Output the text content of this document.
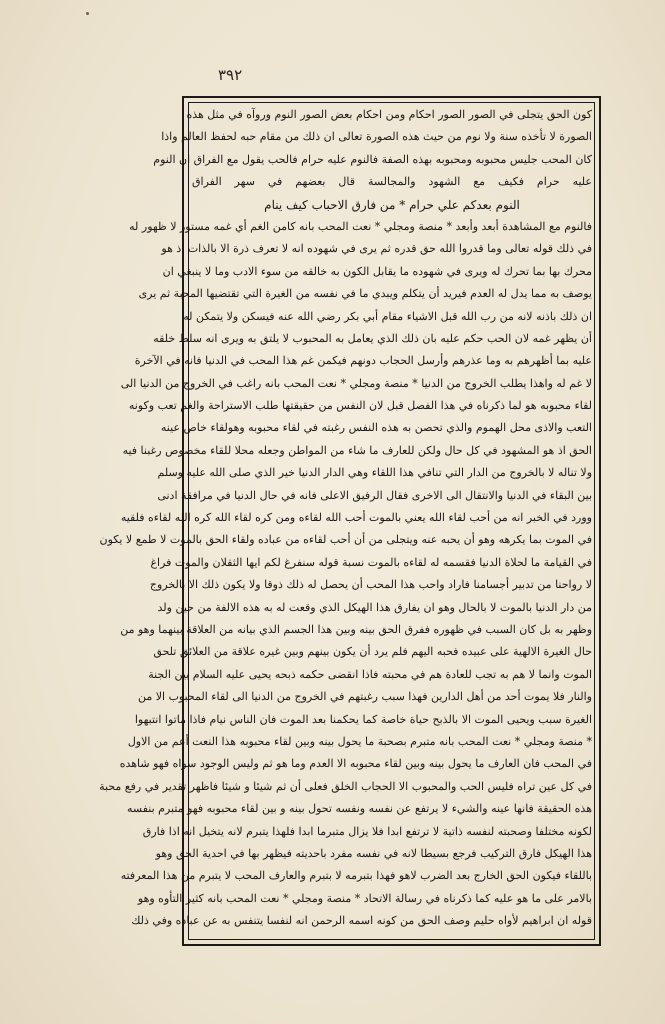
٣٩٢
كون الحق يتجلى في الصور الصور احكام ومن احكام بعض الصور النوم وروآه في مثل هذه
الصورة لا تأخذه سنة ولا نوم من حيث هذه الصورة تعالى ان ذلك من مقام حبه لحفظ العالم واذا
كان المحب جليس محبوبه ومحبوبه بهذه الصفة فالنوم عليه حرام فالحب يقول مع الفراق ان النوم
عليه حرام فكيف مع الشهود والمجالسة قال بعضهم في سهر الفراق
النوم بعدكم علي حرام * من فارق الاحباب كيف ينام
فالنوم مع المشاهدة أبعد وأبعد * منصة ومجلي * نعت المحب بانه كامن الغم أي غمه مستور لا ظهور له
في ذلك قوله تعالى وما قدروا الله حق قدره ثم يرى في شهوده انه لا تعرف ذرة الا بالذات اذ هو
محرك بها بما تحرك له ويرى في شهوده ما يقابل الكون به خالقه من سوء الادب وما لا ينبغي ان
يوصف به مما يدل له العدم فيريد أن يتكلم ويبدي ما في نفسه من الغيرة التي تقتضيها المحبة ثم يرى
ان ذلك باذنه لانه من رب الله قبل الاشياء مقام أبي بكر رضي الله عنه فيسكن ولا يتمكن له
أن يظهر غمه لان الحب حكم عليه بان ذلك الذي يعامل به المحبوب لا يلتق به ويرى انه سلط خلقه
عليه بما أظهرهم به وما عذرهم وأرسل الحجاب دونهم فيكمن غم هذا المحب في الدنيا فانه في الآخرة
لا غم له واهذا يطلب الخروج من الدنيا * منصة ومجلي * نعت المحب بانه راغب في الخروج من الدنيا الى
لقاء محبوبه هو لما ذكرناه في هذا الفصل قبل لان النفس من حقيقتها طلب الاستراحة والغم تعب وكونه
التعب والاذى محل الهموم والذي تحصن به هذه النفس رغبته في لقاء محبوبه وهولقاء خاص عينه
الحق اذ هو المشهود في كل حال ولكن للعارف ما شاء من المواطن وجعله محلا للقاء مخصوص رغبنا فيه
ولا تناله لا بالخروج من الدار التي تنافي هذا اللقاء وهي الدار الدنيا خير الذي صلى الله عليه وسلم
بين البقاء في الدنيا والانتقال الى الاخرى فقال الرفيق الاعلى فانه في حال الدنيا في مرافقة ادنى
وورد في الخبر انه من أحب لقاء الله يعني بالموت أحب الله لقاءه ومن كره لقاء الله كره الله لقاءه فلقيه
في الموت بما يكرهه وهو أن يحبه عنه ويتجلى من أن أحب لقاءه من عباده ولقاء الحق بالموت لا طمع لا يكون
في القيامة ما لحلاة الدنيا فقسمه له لقاءه بالموت نسبة قوله سنفرغ لكم ايها الثقلان والموت فراغ
لا رواحنا من تدبير أجسامنا فاراد واحب هذا المحب أن يحصل له ذلك ذوقا ولا يكون ذلك الا بالخروج
من دار الدنيا بالموت لا بالحال وهو ان يفارق هذا الهيكل الذي وقعت له به هذه الالفة من حين ولد
وظهر به بل كان السبب في ظهوره ففرق الحق بينه وبين هذا الجسم الذي بيانه من العلاقة بينهما وهو من
حال الغيرة الالهية على عبيده فحبه اليهم فلم يرد أن يكون بينهم وبين غيره علاقة من العلائق تلحق
الموت وانما لا هم به تجب للعادة هم في محبته فاذا انقضى حكمه ذبحه يحيى عليه السلام بين الجنة
والنار فلا يموت أحد من أهل الدارين فهذا سبب رغبتهم في الخروج من الدنيا الى لقاء المحبوب الا من
الغيرة سبب ويحيى الموت الا بالذبح حياة خاصة كما يحكمنا بعد الموت فان الناس نيام فاذا ماتوا انتبهوا
* منصة ومجلي * نعت المحب بانه متبرم بصحبة ما يحول بينه وبين لقاء محبوبه هذا النعت أعم من الاول
في المحب فان العارف ما يحول بينه وبين لقاء محبوبه الا العدم وما هو ثم وليس الوجود سواه فهو شاهده
في كل عين تراه فليس الحب والمحبوب الا الحجاب الخلق فعلى أن ثم شيئا و شيئا فاظهر تقدير في رفع محبة
هذه الحقيقة فانها عينه والشيء لا يرتفع عن نفسه ونفسه تحول بينه و بين لقاء محبوبه فهو متبرم بنفسه
لكونه مختلفا وصحبته لنفسه ذاتية لا ترتفع ابدا فلا يزال متبرما ابدا فلهذا يتبرم لانه يتخيل انه اذا فارق
هذا الهيكل فارق التركيب فرجع بسيطا لانه في نفسه مفرد باحديته فيظهر بها في احدية الحق وهو
باللقاء فيكون الحق الخارج بعد الضرب لاهو فهذا بتبرمه لا بتبرم والعارف المحب لا يتبرم من هذا المعرفته
بالامر على ما هو عليه كما ذكرناه في رسالة الاتحاد * منصة ومجلي * نعت المحب بانه كثير التأوه وهو
قوله ان ابراهيم لأواه حليم وصف الحق من كونه اسمه الرحمن انه لنفسا يتنفس به عن عباده وفي ذلك
